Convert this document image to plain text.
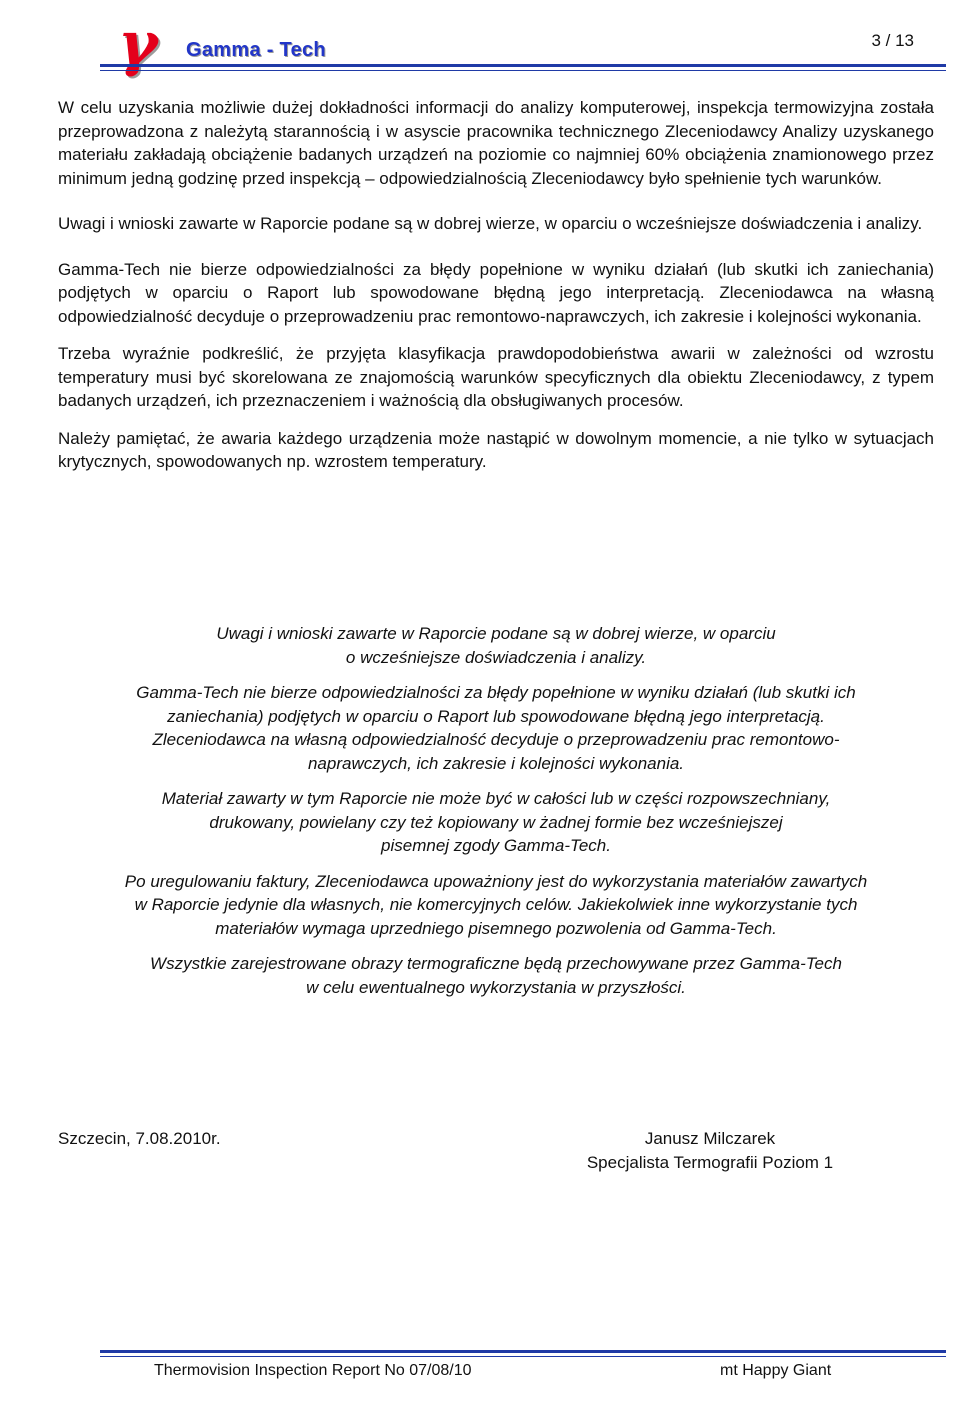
γ Gamma - Tech	3 / 13

W celu uzyskania możliwie dużej dokładności informacji do analizy komputerowej, inspekcja termowizyjna została przeprowadzona z należytą starannością i w asyscie pracownika technicznego Zleceniodawcy Analizy uzyskanego materiału zakładają obciążenie badanych urządzeń na poziomie co najmniej 60% obciążenia znamionowego przez minimum jedną godzinę przed inspekcją – odpowiedzialnością Zleceniodawcy było spełnienie tych warunków.

Uwagi i wnioski zawarte w Raporcie podane są w dobrej wierze, w oparciu o wcześniejsze doświadczenia i analizy.

Gamma-Tech nie bierze odpowiedzialności za błędy popełnione w wyniku działań (lub skutki ich zaniechania) podjętych w oparciu o Raport lub spowodowane błędną jego interpretacją. Zleceniodawca na własną odpowiedzialność decyduje o przeprowadzeniu prac remontowo-naprawczych, ich zakresie i kolejności wykonania.

Trzeba wyraźnie podkreślić, że przyjęta klasyfikacja prawdopodobieństwa awarii w zależności od wzrostu temperatury musi być skorelowana ze znajomością warunków specyficznych dla obiektu Zleceniodawcy, z typem badanych urządzeń, ich przeznaczeniem i ważnością dla obsługiwanych procesów.

Należy pamiętać, że awaria każdego urządzenia może nastąpić w dowolnym momencie, a nie tylko w sytuacjach krytycznych, spowodowanych np. wzrostem temperatury.

Uwagi i wnioski zawarte w Raporcie podane są w dobrej wierze, w oparciu
o wcześniejsze doświadczenia i analizy.

Gamma-Tech nie bierze odpowiedzialności za błędy popełnione w wyniku działań (lub skutki ich
zaniechania) podjętych w oparciu o Raport lub spowodowane błędną jego interpretacją.
Zleceniodawca na własną odpowiedzialność decyduje o przeprowadzeniu prac remontowo-
naprawczych, ich zakresie i kolejności wykonania.

Materiał zawarty w tym Raporcie nie może być w całości lub w części rozpowszechniany,
drukowany, powielany czy też kopiowany w żadnej formie bez wcześniejszej
pisemnej zgody Gamma-Tech.

Po uregulowaniu faktury, Zleceniodawca upoważniony jest do wykorzystania materiałów zawartych
w Raporcie jedynie dla własnych, nie komercyjnych celów. Jakiekolwiek inne wykorzystanie tych
materiałów wymaga uprzedniego pisemnego pozwolenia od Gamma-Tech.

Wszystkie zarejestrowane obrazy termograficzne będą przechowywane przez Gamma-Tech
w celu ewentualnego wykorzystania w przyszłości.

Szczecin, 7.08.2010r.	Janusz Milczarek
Specjalista Termografii Poziom 1
Thermovision Inspection Report No 07/08/10	mt Happy Giant
